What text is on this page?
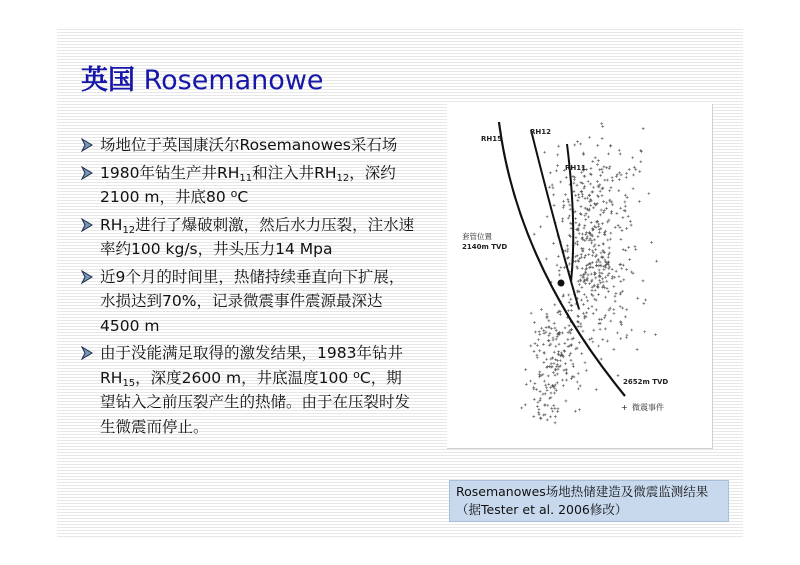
英国 Rosemanowe
场地位于英国康沃尔Rosemanowes采石场
1980年钻生产井$RH_{11}$和注入井$RH_{12}$，深约2100 m，井底80 $^o$C
$RH_{12}$进行了爆破刺激，然后水力压裂，注水速率约100 kg/s，井头压力14 Mpa
近9个月的时间里，热储持续垂直向下扩展，水损达到70%，记录微震事件震源最深达4500 m
由于没能满足取得的激发结果，1983年钻井$RH_{15}$，深度2600 m，井底温度100 $^o$C，期望钻入之前压裂产生的热储。由于在压裂时发生微震而停止。
RH15
RH12
RH11
套管位置
2140m TVD
2652m TVD
+ 微震事件
Rosemanowes场地热储建造及微震监测结果（据Tester et al. 2006修改）
